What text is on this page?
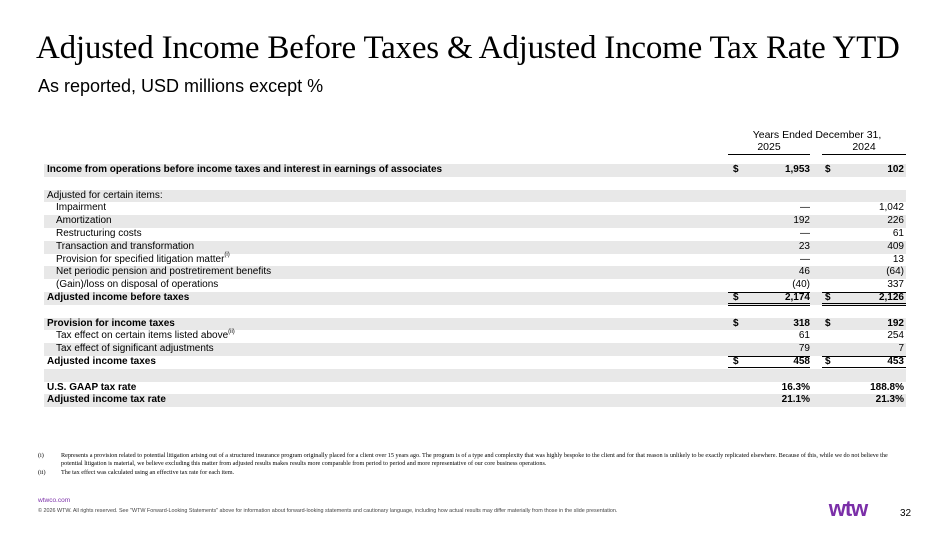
Adjusted Income Before Taxes & Adjusted Income Tax Rate YTD
As reported, USD millions except %
Years Ended December 31,
2025	2024
Income from operations before income taxes and interest in earnings of associates	$	1,953 $	102
Adjusted for certain items:
Impairment	—	1,042
Amortization	192	226
Restructuring costs	—	61
Transaction and transformation	23	409
Provision for specified litigation matter$^{(i)}$	—	13
Net periodic pension and postretirement benefits	46	(64)
(Gain)/loss on disposal of operations	(40)	337
Adjusted income before taxes	$	2,174 $	2,126
Provision for income taxes	$	318 $	192
Tax effect on certain items listed above$^{(ii)}$	61	254
Tax effect of significant adjustments	79	7
Adjusted income taxes	$	458 $	453
U.S. GAAP tax rate	16.3%	188.8%
Adjusted income tax rate	21.1%	21.3%
(i)	Represents a provision related to potential litigation arising out of a structured insurance program originally placed for a client over 15 years ago. The program is of a type and complexity that was highly bespoke to the client and for that reason is unlikely to be exactly replicated elsewhere. Because of this, while we do not believe the potential litigation is material, we believe excluding this matter from adjusted results makes results more comparable from period to period and more representative of our core business operations.
(ii) The tax effect was calculated using an effective tax rate for each item.
wtwco.com
© 2026 WTW. All rights reserved. See "WTW Forward-Looking Statements" above for information about forward-looking statements and cautionary language, including how actual results may differ materially from those in the slide presentation.	wtw	32
